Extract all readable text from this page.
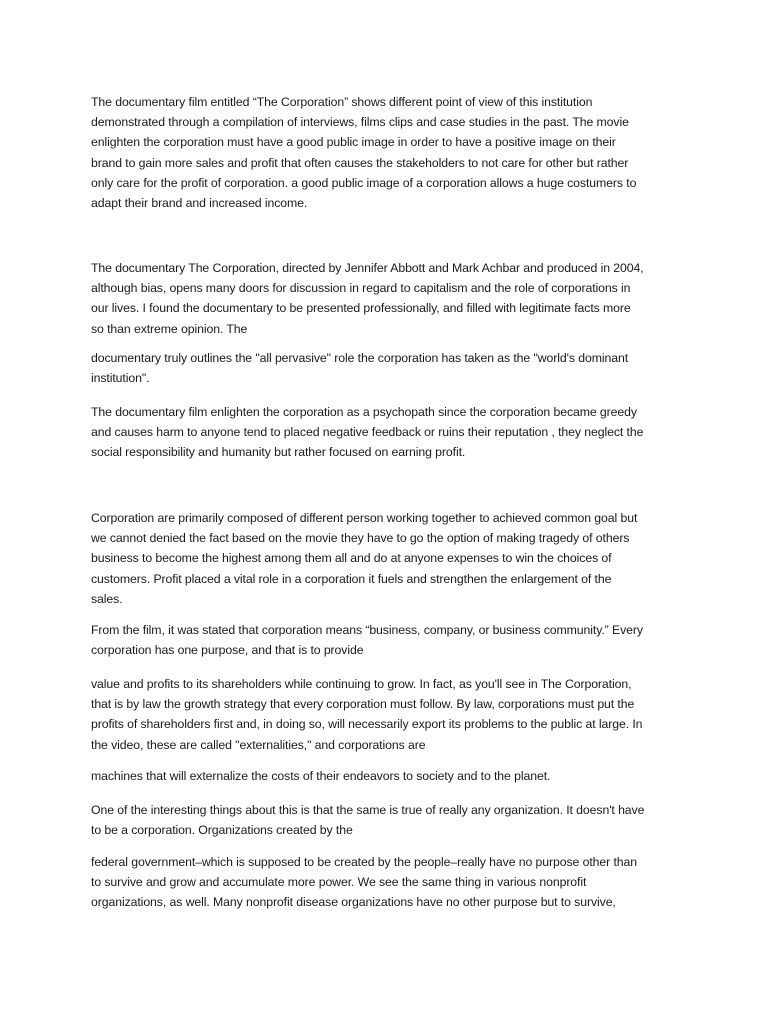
The documentary film entitled “The Corporation” shows different point of view of this institution
demonstrated through a compilation of interviews, films clips and case studies in the past. The movie
enlighten the corporation must have a good public image in order to have a positive image on their
brand to gain more sales and profit that often causes the stakeholders to not care for other but rather
only care for the profit of corporation. a good public image of a corporation allows a huge costumers to
adapt their brand and increased income.

The documentary The Corporation, directed by Jennifer Abbott and Mark Achbar and produced in 2004,
although bias, opens many doors for discussion in regard to capitalism and the role of corporations in
our lives. I found the documentary to be presented professionally, and filled with legitimate facts more
so than extreme opinion. The

documentary truly outlines the "all pervasive" role the corporation has taken as the "world's dominant
institution".

The documentary film enlighten the corporation as a psychopath since the corporation became greedy
and causes harm to anyone tend to placed negative feedback or ruins their reputation , they neglect the
social responsibility and humanity but rather focused on earning profit.

Corporation are primarily composed of different person working together to achieved common goal but
we cannot denied the fact based on the movie they have to go the option of making tragedy of others
business to become the highest among them all and do at anyone expenses to win the choices of
customers. Profit placed a vital role in a corporation it fuels and strengthen the enlargement of the
sales.

From the film, it was stated that corporation means “business, company, or business community.” Every
corporation has one purpose, and that is to provide

value and profits to its shareholders while continuing to grow. In fact, as you'll see in The Corporation,
that is by law the growth strategy that every corporation must follow. By law, corporations must put the
profits of shareholders first and, in doing so, will necessarily export its problems to the public at large. In
the video, these are called "externalities," and corporations are

machines that will externalize the costs of their endeavors to society and to the planet.

One of the interesting things about this is that the same is true of really any organization. It doesn't have
to be a corporation. Organizations created by the

federal government–which is supposed to be created by the people–really have no purpose other than
to survive and grow and accumulate more power. We see the same thing in various nonprofit
organizations, as well. Many nonprofit disease organizations have no other purpose but to survive,
